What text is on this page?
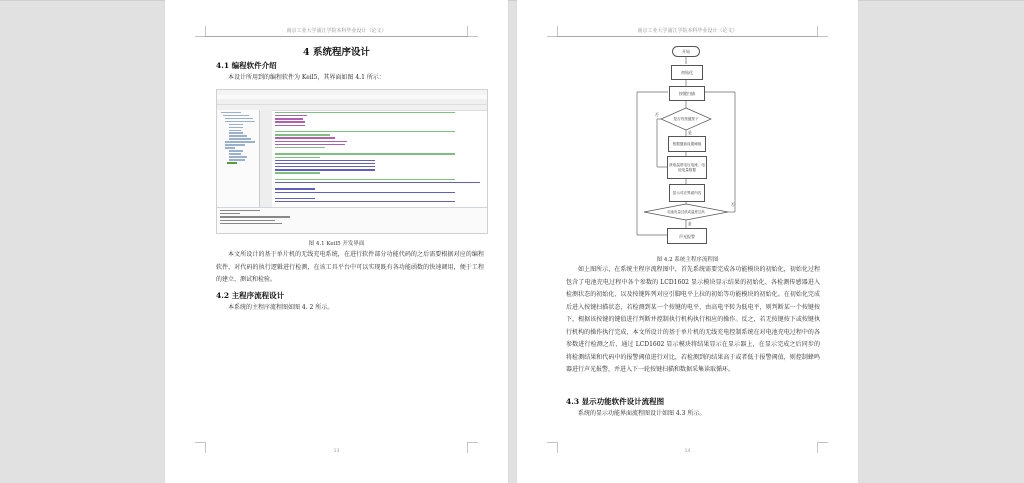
南京工业大学浦江学院本科毕业设计（论文）
4 系统程序设计
4.1 编程软件介绍
本设计所用到的编程软件为 Keil5，其界面如图 4.1 所示：
图 4.1 Keil5 开发界面
本文所设计的基于单片机的无线充电系统，在进行软件部分功能代码的之后需要根据对应的编程软件，对代码的执行逻辑进行检测，在该工具平台中可以实现既有各功能函数的快速调用，便于工程的建立、测试和检验。
4.2 主程序流程设计
本系统的主程序流程图如图 4. 2 所示。
13
南京工业大学浦江学院本科毕业设计（论文）
开始
初始化
按键扫描
是否有按键按下
否
是
根据键值设置阈值
获取温度电压电流，电池电量数据
显示对应界面内容
电池电量过低或温度过高
否
是
声光报警
图 4.2 系统主程序流程图
如上图所示，在系统主程序流程图中，首先系统需要完成各功能模块的初始化，初始化过程包含了电池充电过程中各个参数的 LCD1602 显示模块显示结果的初始化、各检测传感器进入检测状态的初始化、以及按键阵列对应引脚电平上拉的初始等功能模块的初始化。在初始化完成后进入按键扫描状态，若检测到某一个按键的电平，由高电平转为低电平，则判断某一个按键按下，根据该按键的键值进行判断并控制执行机构执行相应的操作。反之，若无按键按下或按键执行机构的操作执行完成，本文所设计的基于单片机的无线充电控制系统在对电池充电过程中的各参数进行检测之后，通过 LCD1602 显示模块将结果显示在显示器上，在显示完成之后同步的将检测结果和代码中的报警阈值进行对比，若检测到的结果高于或者低于报警阈值，则控制蜂鸣器进行声光报警，并进入下一轮按键扫描和数据采集读取循环。
4.3 显示功能软件设计流程图
系统的显示功能界面流程图设计如图 4.3 所示。
14
